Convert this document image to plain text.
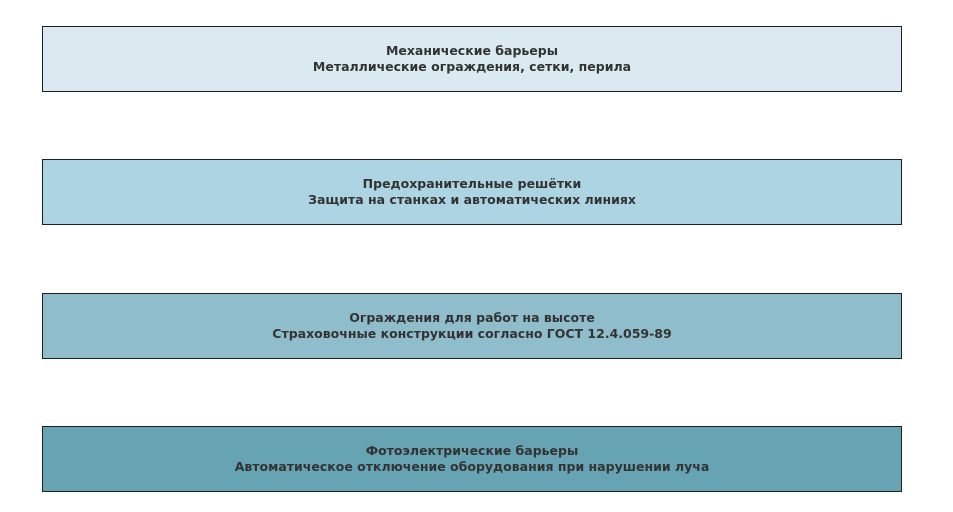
Механические барьеры
Металлические ограждения, сетки, перила
Предохранительные решётки
Защита на станках и автоматических линиях
Ограждения для работ на высоте
Страховочные конструкции согласно ГОСТ 12.4.059-89
Фотоэлектрические барьеры
Автоматическое отключение оборудования при нарушении луча
